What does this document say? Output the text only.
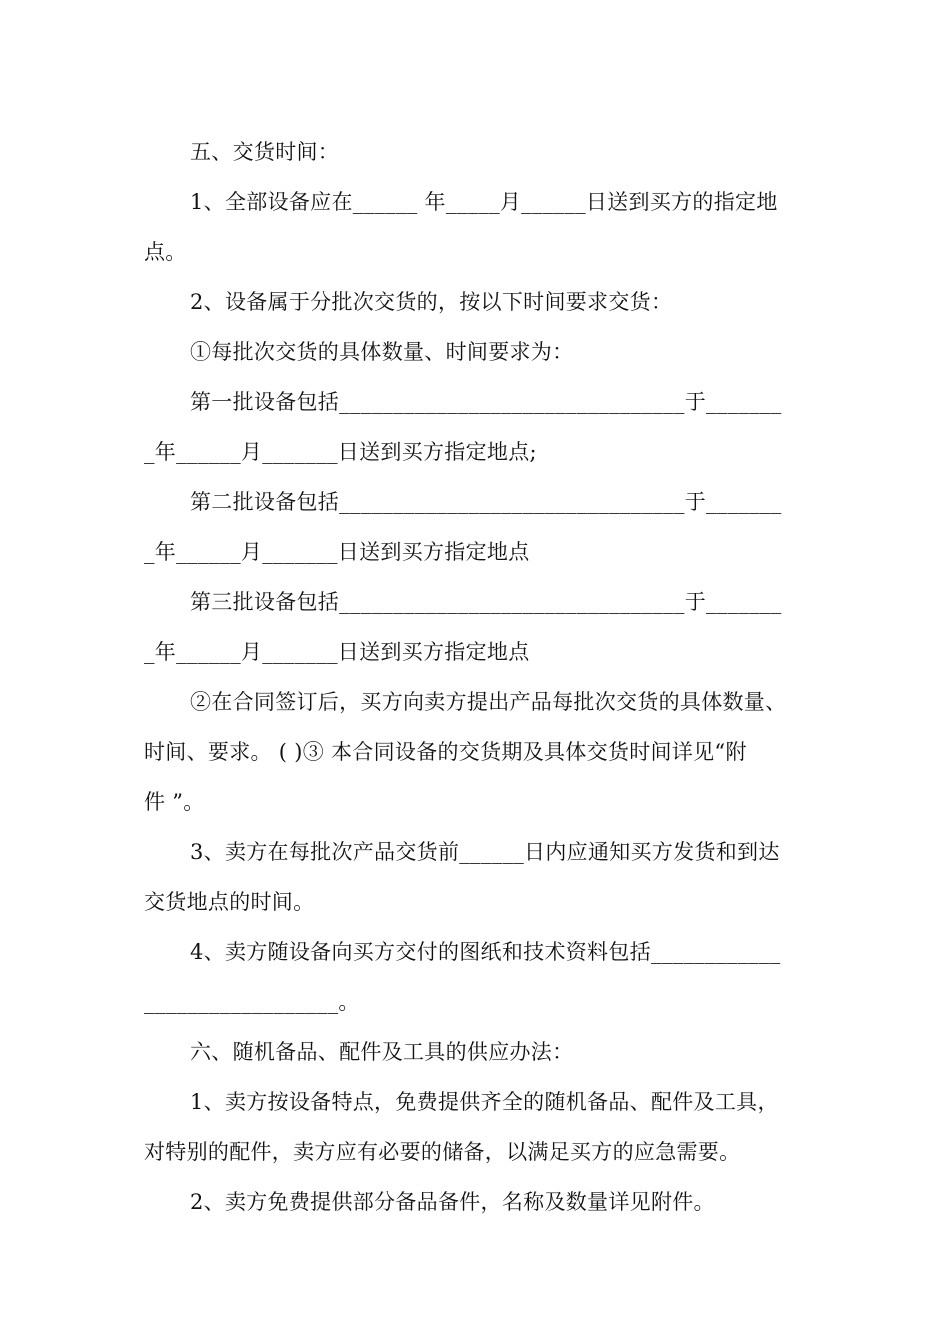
五、交货时间：
1、全部设备应在______ 年_____月______日送到买方的指定地
点。
2、设备属于分批次交货的，按以下时间要求交货：
①每批次交货的具体数量、时间要求为：
第一批设备包括________________________________于_______
_年______月_______日送到买方指定地点;
第二批设备包括________________________________于_______
_年______月_______日送到买方指定地点
第三批设备包括________________________________于_______
_年______月_______日送到买方指定地点
②在合同签订后，买方向卖方提出产品每批次交货的具体数量、
时间、要求。 ( )③ 本合同设备的交货期及具体交货时间详见“附
件 ”。
3、卖方在每批次产品交货前______日内应通知买方发货和到达
交货地点的时间。
4、卖方随设备向买方交付的图纸和技术资料包括____________
__________________。
六、随机备品、配件及工具的供应办法：
1、卖方按设备特点，免费提供齐全的随机备品、配件及工具，
对特别的配件，卖方应有必要的储备，以满足买方的应急需要。
2、卖方免费提供部分备品备件，名称及数量详见附件。
